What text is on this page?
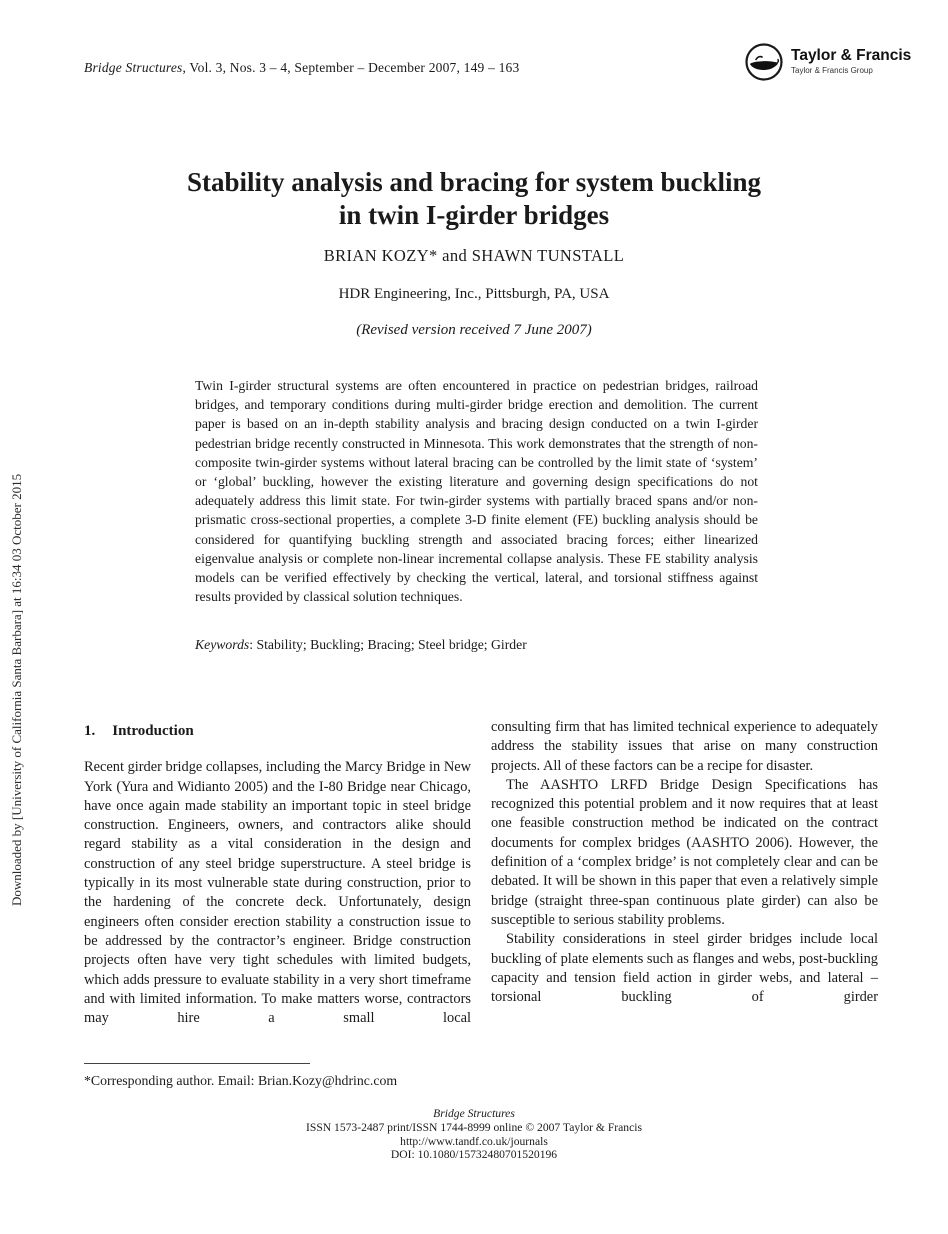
Downloaded by [University of California Santa Barbara] at 16:34 03 October 2015
Bridge Structures, Vol. 3, Nos. 3 – 4, September – December 2007, 149 – 163
Taylor & Francis
Taylor & Francis Group
Stability analysis and bracing for system buckling
in twin I-girder bridges
BRIAN KOZY* and SHAWN TUNSTALL
HDR Engineering, Inc., Pittsburgh, PA, USA
(Revised version received 7 June 2007)
Twin I-girder structural systems are often encountered in practice on pedestrian bridges, railroad bridges, and temporary conditions during multi-girder bridge erection and demolition. The current paper is based on an in-depth stability analysis and bracing design conducted on a twin I-girder pedestrian bridge recently constructed in Minnesota. This work demonstrates that the strength of non-composite twin-girder systems without lateral bracing can be controlled by the limit state of ‘system’ or ‘global’ buckling, however the existing literature and governing design specifications do not adequately address this limit state. For twin-girder systems with partially braced spans and/or non-prismatic cross-sectional properties, a complete 3-D finite element (FE) buckling analysis should be considered for quantifying buckling strength and associated bracing forces; either linearized eigenvalue analysis or complete non-linear incremental collapse analysis. These FE stability analysis models can be verified effectively by checking the vertical, lateral, and torsional stiffness against results provided by classical solution techniques.
Keywords: Stability; Buckling; Bracing; Steel bridge; Girder
1. Introduction

Recent girder bridge collapses, including the Marcy Bridge in New York (Yura and Widianto 2005) and the I-80 Bridge near Chicago, have once again made stability an important topic in steel bridge construction. Engineers, owners, and contractors alike should regard stability as a vital consideration in the design and construction of any steel bridge superstructure. A steel bridge is typically in its most vulnerable state during construction, prior to the hardening of the concrete deck. Unfortunately, design engineers often consider erection stability a construction issue to be addressed by the contractor’s engineer. Bridge construction projects often have very tight schedules with limited budgets, which adds pressure to evaluate stability in a very short timeframe and with limited information. To make matters worse, contractors may hire a small local

consulting firm that has limited technical experience to adequately address the stability issues that arise on many construction projects. All of these factors can be a recipe for disaster.

The AASHTO LRFD Bridge Design Specifications has recognized this potential problem and it now requires that at least one feasible construction method be indicated on the contract documents for complex bridges (AASHTO 2006). However, the definition of a ‘complex bridge’ is not completely clear and can be debated. It will be shown in this paper that even a relatively simple bridge (straight three-span continuous plate girder) can also be susceptible to serious stability problems.

Stability considerations in steel girder bridges include local buckling of plate elements such as flanges and webs, post-buckling capacity and tension field action in girder webs, and lateral – torsional buckling of girder

*Corresponding author. Email: Brian.Kozy@hdrinc.com
Bridge Structures
ISSN 1573-2487 print/ISSN 1744-8999 online © 2007 Taylor & Francis
http://www.tandf.co.uk/journals
DOI: 10.1080/15732480701520196
